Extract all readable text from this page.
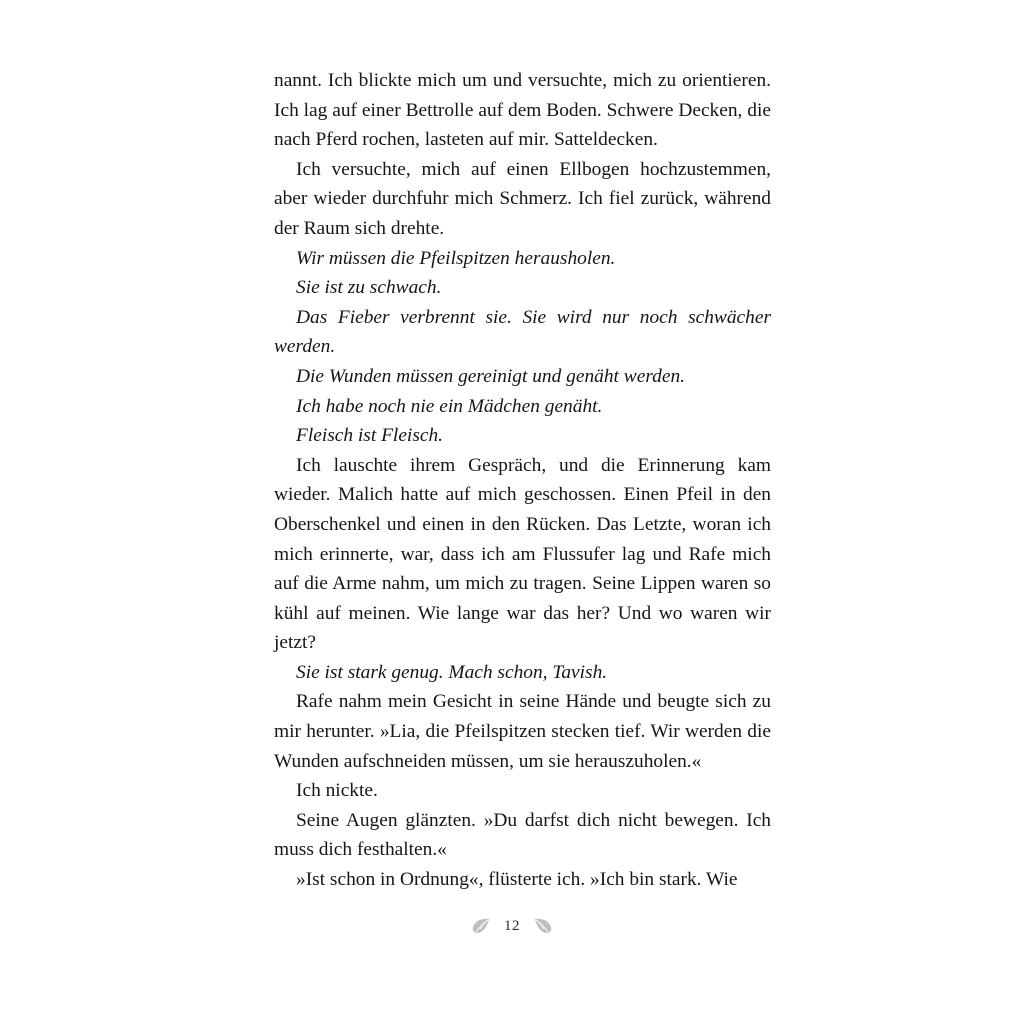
nannt. Ich blickte mich um und versuchte, mich zu orientieren. Ich lag auf einer Bettrolle auf dem Boden. Schwere Decken, die nach Pferd rochen, lasteten auf mir. Satteldecken.

Ich versuchte, mich auf einen Ellbogen hochzustemmen, aber wieder durchfuhr mich Schmerz. Ich fiel zurück, während der Raum sich drehte.

Wir müssen die Pfeilspitzen herausholen.

Sie ist zu schwach.

Das Fieber verbrennt sie. Sie wird nur noch schwächer werden.

Die Wunden müssen gereinigt und genäht werden.

Ich habe noch nie ein Mädchen genäht.

Fleisch ist Fleisch.

Ich lauschte ihrem Gespräch, und die Erinnerung kam wieder. Malich hatte auf mich geschossen. Einen Pfeil in den Oberschenkel und einen in den Rücken. Das Letzte, woran ich mich erinnerte, war, dass ich am Flussufer lag und Rafe mich auf die Arme nahm, um mich zu tragen. Seine Lippen waren so kühl auf meinen. Wie lange war das her? Und wo waren wir jetzt?

Sie ist stark genug. Mach schon, Tavish.

Rafe nahm mein Gesicht in seine Hände und beugte sich zu mir herunter. »Lia, die Pfeilspitzen stecken tief. Wir werden die Wunden aufschneiden müssen, um sie herauszuholen.«

Ich nickte.

Seine Augen glänzten. »Du darfst dich nicht bewegen. Ich muss dich festhalten.«

»Ist schon in Ordnung«, flüsterte ich. »Ich bin stark. Wie

12
